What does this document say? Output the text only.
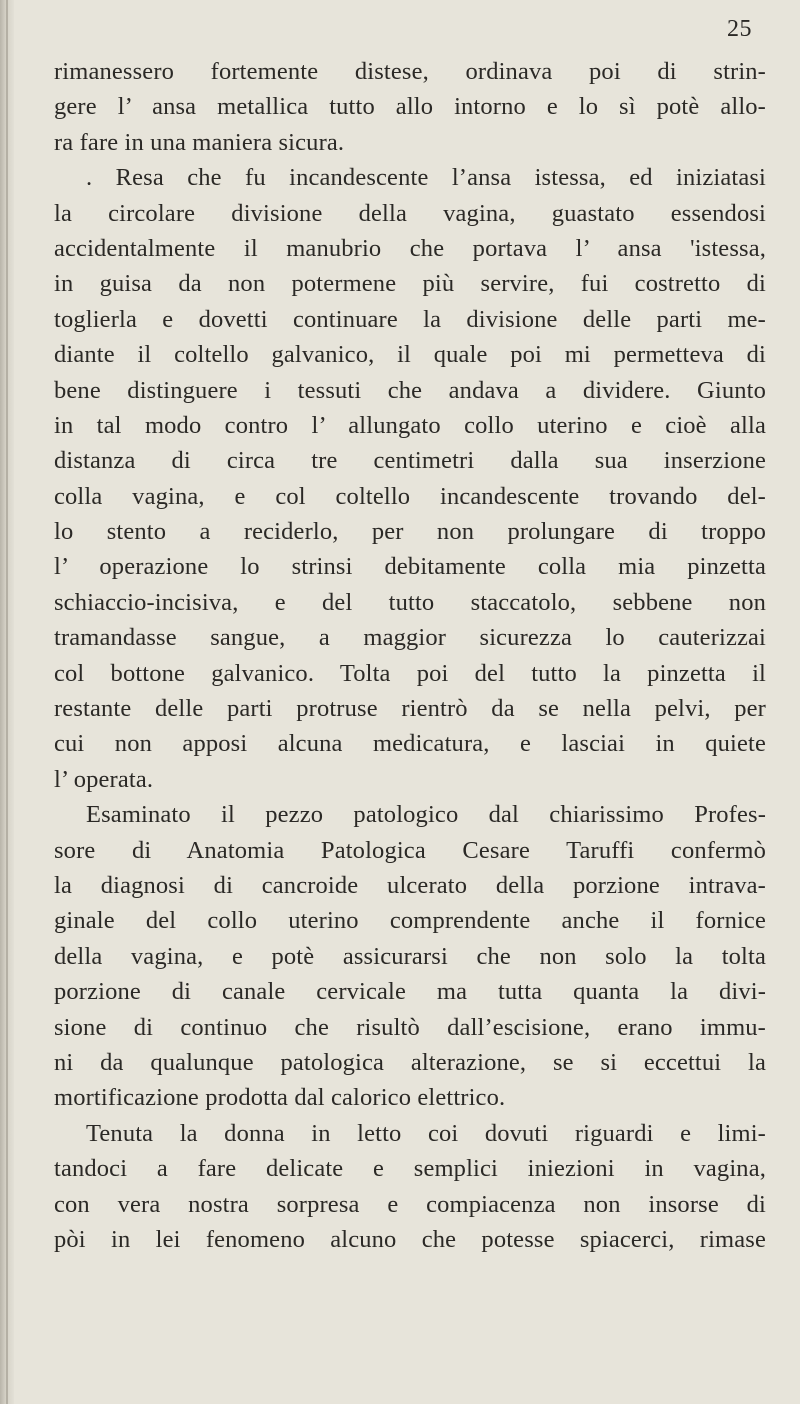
25
rimanessero fortemente distese, ordinava poi di strin-
gere l’ ansa metallica tutto allo intorno e lo sì potè allo-
ra fare in una maniera sicura.
. Resa che fu incandescente l’ansa istessa, ed iniziatasi
la circolare divisione della vagina, guastato essendosi
accidentalmente il manubrio che portava l’ ansa 'istessa,
in guisa da non potermene più servire, fui costretto di
toglierla e dovetti continuare la divisione delle parti me-
diante il coltello galvanico, il quale poi mi permetteva di
bene distinguere i tessuti che andava a dividere. Giunto
in tal modo contro l’ allungato collo uterino e cioè alla
distanza di circa tre centimetri dalla sua inserzione
colla vagina, e col coltello incandescente trovando del-
lo stento a reciderlo, per non prolungare di troppo
l’ operazione lo strinsi debitamente colla mia pinzetta
schiaccio-incisiva, e del tutto staccatolo, sebbene non
tramandasse sangue, a maggior sicurezza lo cauterizzai
col bottone galvanico. Tolta poi del tutto la pinzetta il
restante delle parti protruse rientrò da se nella pelvi, per
cui non apposi alcuna medicatura, e lasciai in quiete
l’ operata.
Esaminato il pezzo patologico dal chiarissimo Profes-
sore di Anatomia Patologica Cesare Taruffi confermò
la diagnosi di cancroide ulcerato della porzione intrava-
ginale del collo uterino comprendente anche il fornice
della vagina, e potè assicurarsi che non solo la tolta
porzione di canale cervicale ma tutta quanta la divi-
sione di continuo che risultò dall’escisione, erano immu-
ni da qualunque patologica alterazione, se si eccettui la
mortificazione prodotta dal calorico elettrico.
Tenuta la donna in letto coi dovuti riguardi e limi-
tandoci a fare delicate e semplici iniezioni in vagina,
con vera nostra sorpresa e compiacenza non insorse di
pòi in lei fenomeno alcuno che potesse spiacerci, rimase
